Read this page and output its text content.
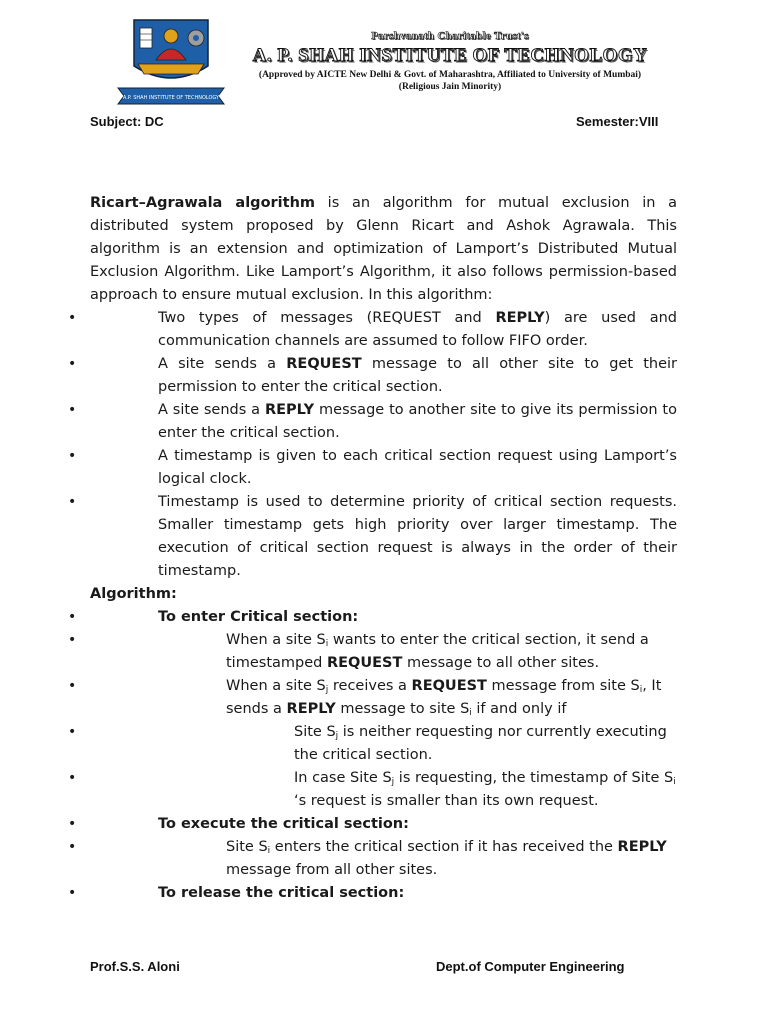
A.P. SHAH INSTITUTE OF TECHNOLOGY
Parshvanath Charitable Trust's
A. P. SHAH INSTITUTE OF TECHNOLOGY
(Approved by AICTE New Delhi & Govt. of Maharashtra, Affiliated to University of Mumbai)
(Religious Jain Minority)
Subject: DC	Semester:VIII

Ricart–Agrawala algorithm is an algorithm for mutual exclusion in a distributed system proposed by Glenn Ricart and Ashok Agrawala. This algorithm is an extension and optimization of Lamport’s Distributed Mutual Exclusion Algorithm. Like Lamport’s Algorithm, it also follows permission-based approach to ensure mutual exclusion. In this algorithm:

• Two types of messages (REQUEST and REPLY) are used and communication channels are assumed to follow FIFO order.
• A site sends a REQUEST message to all other site to get their permission to enter the critical section.
• A site sends a REPLY message to another site to give its permission to enter the critical section.
• A timestamp is given to each critical section request using Lamport’s logical clock.
• Timestamp is used to determine priority of critical section requests. Smaller timestamp gets high priority over larger timestamp. The execution of critical section request is always in the order of their timestamp.
Algorithm:
• To enter Critical section:
• When a site $S_i$ wants to enter the critical section, it send a timestamped REQUEST message to all other sites.
• When a site $S_j$ receives a REQUEST message from site $S_i$, It sends a REPLY message to site $S_i$ if and only if
• Site $S_j$ is neither requesting nor currently executing the critical section.
• In case Site $S_j$ is requesting, the timestamp of Site $S_i$ ‘s request is smaller than its own request.
• To execute the critical section:
• Site $S_i$ enters the critical section if it has received the REPLY message from all other sites.
• To release the critical section:
Prof.S.S. Aloni	Dept.of Computer Engineering
